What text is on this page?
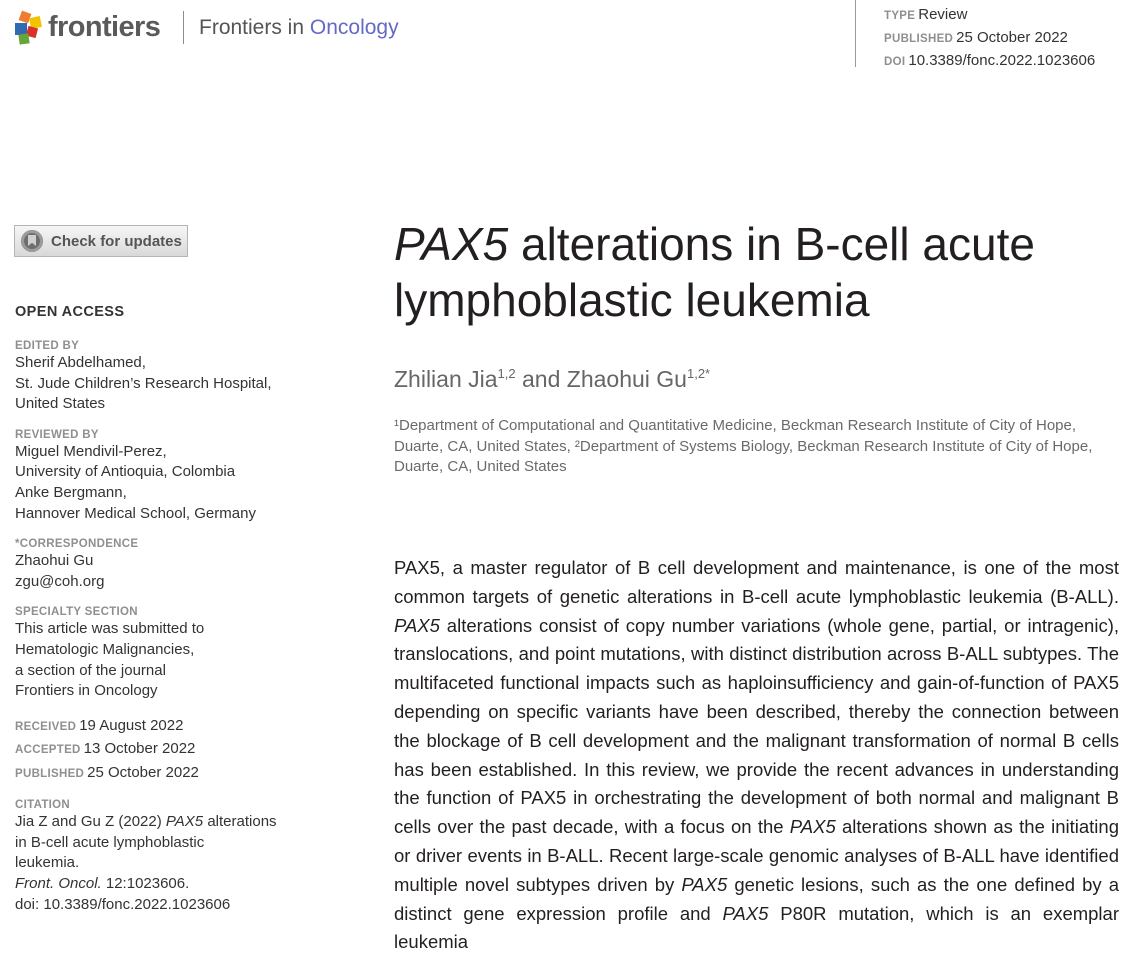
frontiers Frontiers in Oncology	TYPE Review
PUBLISHED 25 October 2022
DOI 10.3389/fonc.2022.1023606
Check for updates
OPEN ACCESS
EDITED BY
Sherif Abdelhamed,
St. Jude Children’s Research Hospital,
United States
REVIEWED BY
Miguel Mendivil-Perez,
University of Antioquia, Colombia
Anke Bergmann,
Hannover Medical School, Germany
*CORRESPONDENCE
Zhaohui Gu
zgu@coh.org
SPECIALTY SECTION
This article was submitted to
Hematologic Malignancies,
a section of the journal
Frontiers in Oncology
RECEIVED 19 August 2022
ACCEPTED 13 October 2022
PUBLISHED 25 October 2022
CITATION
Jia Z and Gu Z (2022) PAX5 alterations
in B-cell acute lymphoblastic
leukemia.
Front. Oncol. 12:1023606.
doi: 10.3389/fonc.2022.1023606
PAX5 alterations in B-cell acute lymphoblastic leukemia
Zhilian Jia$^{1,2}$ and Zhaohui $Gu^{1,2*}$
¹Department of Computational and Quantitative Medicine, Beckman Research Institute of City of Hope, Duarte, CA, United States, ²Department of Systems Biology, Beckman Research Institute of City of Hope, Duarte, CA, United States
PAX5, a master regulator of B cell development and maintenance, is one of the most common targets of genetic alterations in B-cell acute lymphoblastic leukemia (B-ALL). PAX5 alterations consist of copy number variations (whole gene, partial, or intragenic), translocations, and point mutations, with distinct distribution across B-ALL subtypes. The multifaceted functional impacts such as haploinsufficiency and gain-of-function of PAX5 depending on specific variants have been described, thereby the connection between the blockage of B cell development and the malignant transformation of normal B cells has been established. In this review, we provide the recent advances in understanding the function of PAX5 in orchestrating the development of both normal and malignant B cells over the past decade, with a focus on the PAX5 alterations shown as the initiating or driver events in B-ALL. Recent large-scale genomic analyses of B-ALL have identified multiple novel subtypes driven by PAX5 genetic lesions, such as the one defined by a distinct gene expression profile and PAX5 P80R mutation, which is an exemplar leukemia
